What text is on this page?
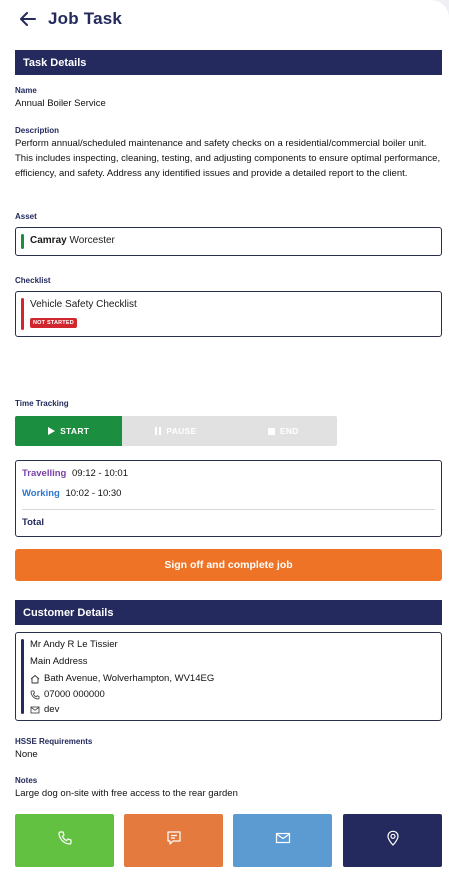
Job Task
Task Details
Name
Annual Boiler Service
Description
Perform annual/scheduled maintenance and safety checks on a residential/commercial boiler unit. This includes inspecting, cleaning, testing, and adjusting components to ensure optimal performance, efficiency, and safety. Address any identified issues and provide a detailed report to the client.
Asset
Camray Worcester
Checklist
Vehicle Safety Checklist
NOT STARTED
Time Tracking
START	PAUSE	END
Travelling 09:12 - 10:01
Working 10:02 - 10:30
Total
Sign off and complete job
Customer Details
Mr Andy R Le Tissier
Main Address
Bath Avenue, Wolverhampton, WV14EG
07000 000000
dev
HSSE Requirements
None
Notes
Large dog on-site with free access to the rear garden
